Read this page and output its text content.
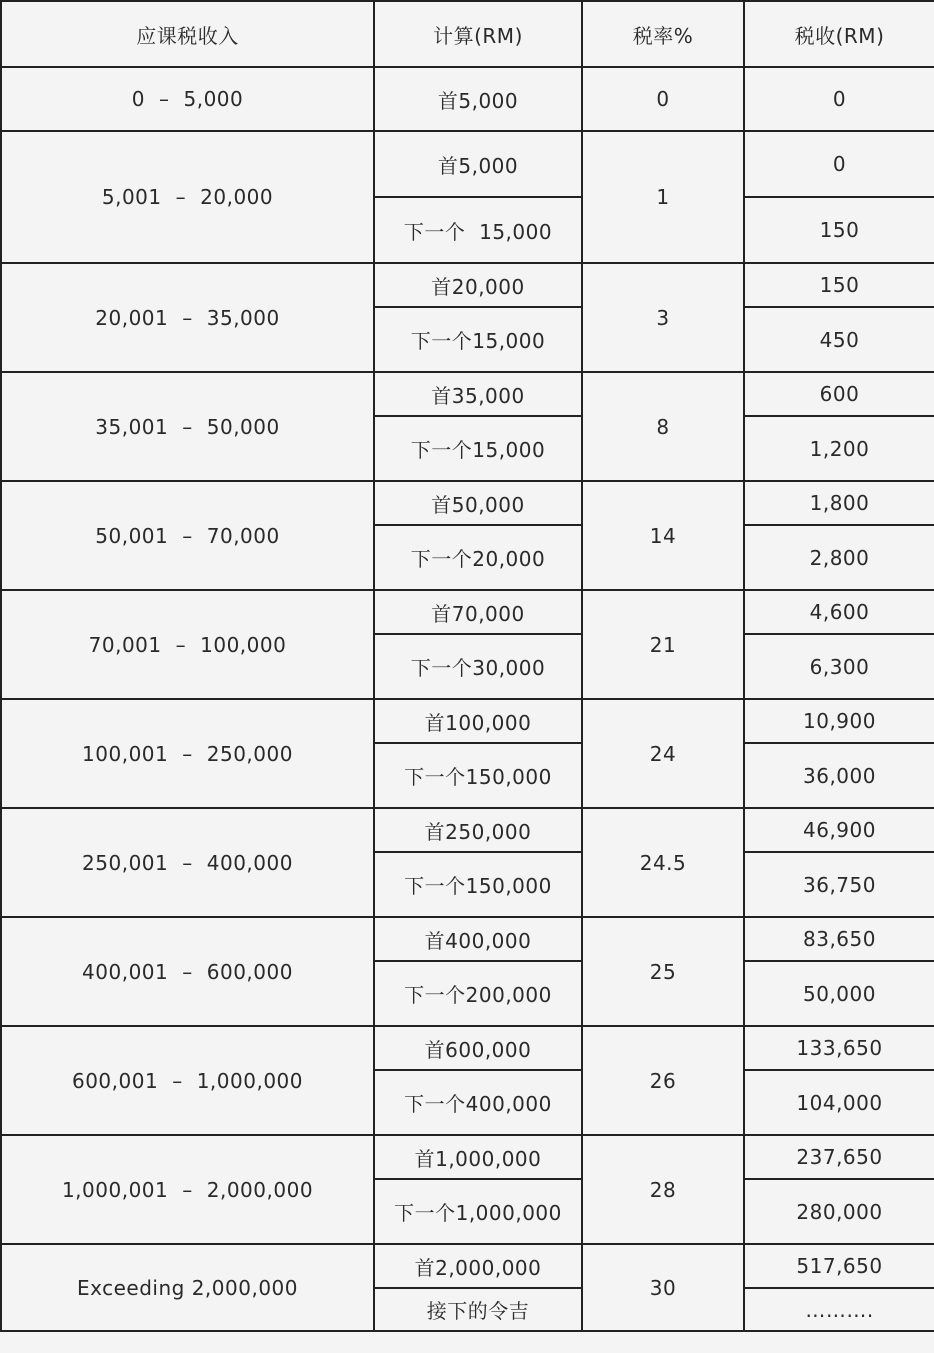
应课税收入	计算(RM)	税率%	税收(RM)
0 – 5,000	首5,000	0	0
5,001 – 20,000	首5,000	1	0
	下一个  15,000		150
20,001 – 35,000	首20,000	3	150
	下一个15,000		450
35,001 – 50,000	首35,000	8	600
	下一个15,000		1,200
50,001 – 70,000	首50,000	14	1,800
	下一个20,000		2,800
70,001 – 100,000	首70,000	21	4,600
	下一个30,000		6,300
100,001 – 250,000	首100,000	24	10,900
	下一个150,000		36,000
250,001 – 400,000	首250,000	24.5	46,900
	下一个150,000		36,750
400,001 – 600,000	首400,000	25	83,650
	下一个200,000		50,000
600,001 – 1,000,000	首600,000	26	133,650
	下一个400,000		104,000
1,000,001 – 2,000,000	首1,000,000	28	237,650
	下一个1,000,000		280,000
Exceeding 2,000,000	首2,000,000	30	517,650
	接下的令吉		……….
